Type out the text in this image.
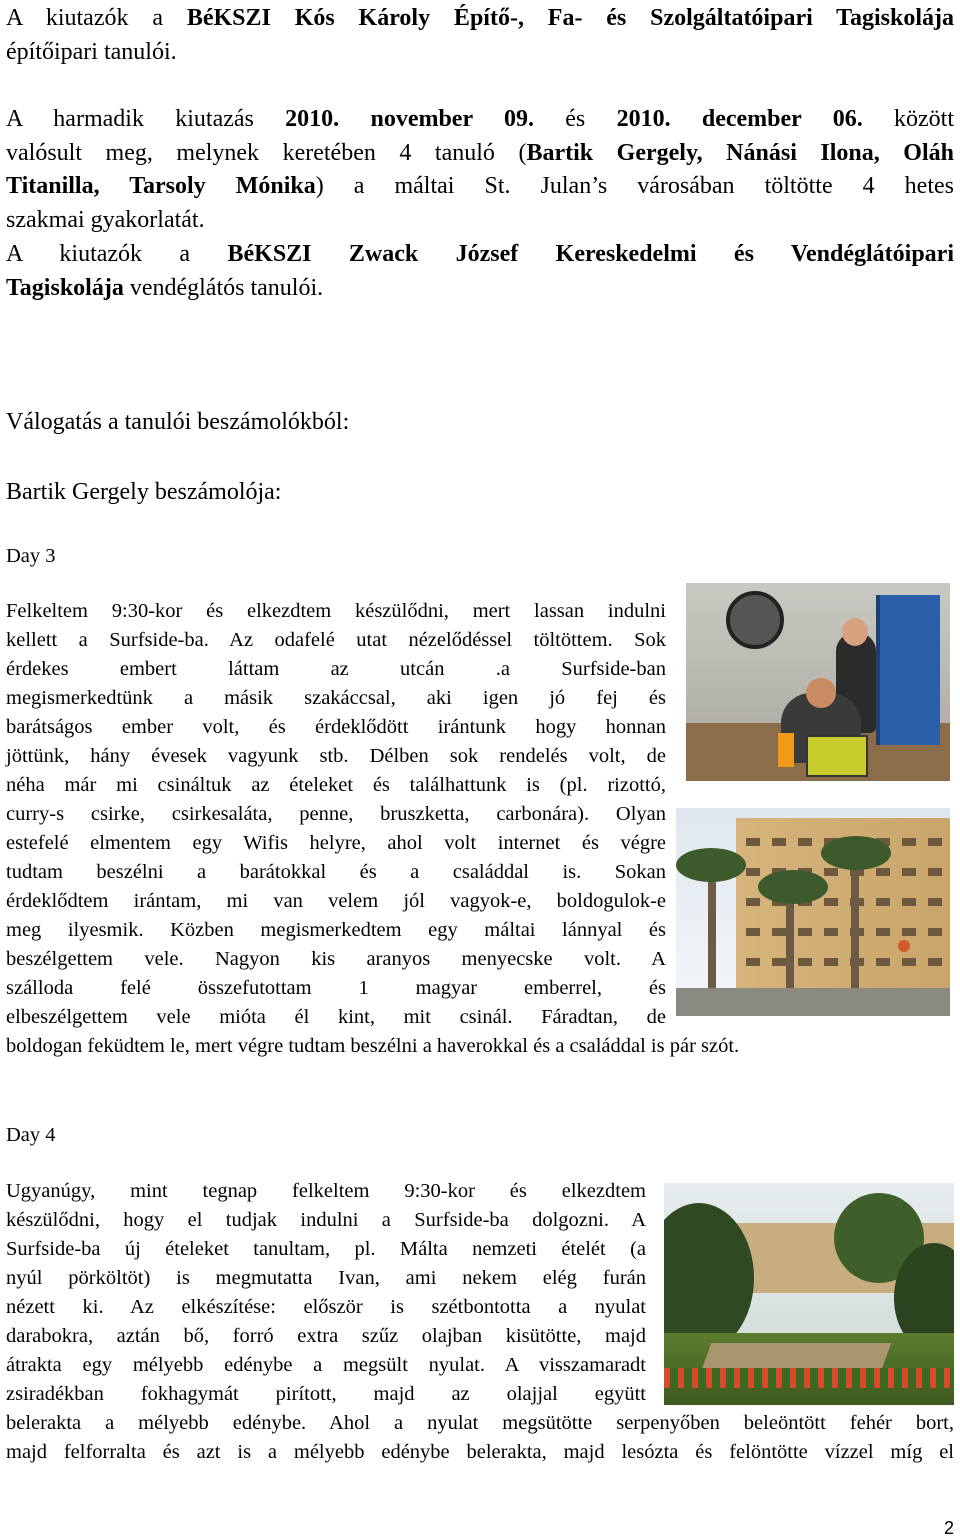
A kiutazók a BéKSZI Kós Károly Építő-, Fa- és Szolgáltatóipari Tagiskolája
építőipari tanulói.
A harmadik kiutazás 2010. november 09. és 2010. december 06. között
valósult meg, melynek keretében 4 tanuló (Bartik Gergely, Nánási Ilona, Oláh
Titanilla, Tarsoly Mónika) a máltai St. Julan’s városában töltötte 4 hetes
szakmai gyakorlatát.
A kiutazók a BéKSZI Zwack József Kereskedelmi és Vendéglátóipari
Tagiskolája vendéglátós tanulói.
Válogatás a tanulói beszámolókból:
Bartik Gergely beszámolója:
Day 3
Felkeltem 9:30-kor és elkezdtem készülődni, mert lassan indulni
kellett a Surfside-ba. Az odafelé utat nézelődéssel töltöttem. Sok
érdekes embert láttam az utcán .a Surfside-ban
megismerkedtünk a másik szakáccsal, aki igen jó fej és
barátságos ember volt, és érdeklődött irántunk hogy honnan
jöttünk, hány évesek vagyunk stb. Délben sok rendelés volt, de
néha már mi csináltuk az ételeket és találhattunk is (pl. rizottó,
curry-s csirke, csirkesaláta, penne, bruszketta, carbonára). Olyan
estefelé elmentem egy Wifis helyre, ahol volt internet és végre
tudtam beszélni a barátokkal és a családdal is. Sokan
érdeklődtem irántam, mi van velem jól vagyok-e, boldogulok-e
meg ilyesmik. Közben megismerkedtem egy máltai lánnyal és
beszélgettem vele. Nagyon kis aranyos menyecske volt. A
szálloda felé összefutottam 1 magyar emberrel, és
elbeszélgettem vele mióta él kint, mit csinál. Fáradtan, de
boldogan feküdtem le, mert végre tudtam beszélni a haverokkal és a családdal is pár szót.
Day 4
Ugyanúgy, mint tegnap felkeltem 9:30-kor és elkezdtem
készülődni, hogy el tudjak indulni a Surfside-ba dolgozni. A
Surfside-ba új ételeket tanultam, pl. Málta nemzeti ételét (a
nyúl pörköltöt) is megmutatta Ivan, ami nekem elég furán
nézett ki. Az elkészítése: először is szétbontotta a nyulat
darabokra, aztán bő, forró extra szűz olajban kisütötte, majd
átrakta egy mélyebb edénybe a megsült nyulat. A visszamaradt
zsiradékban fokhagymát pirított, majd az olajjal együtt
belerakta a mélyebb edénybe. Ahol a nyulat megsütötte serpenyőben beleöntött fehér bort,
majd felforralta és azt is a mélyebb edénybe belerakta, majd lesózta és felöntötte vízzel míg el
2
